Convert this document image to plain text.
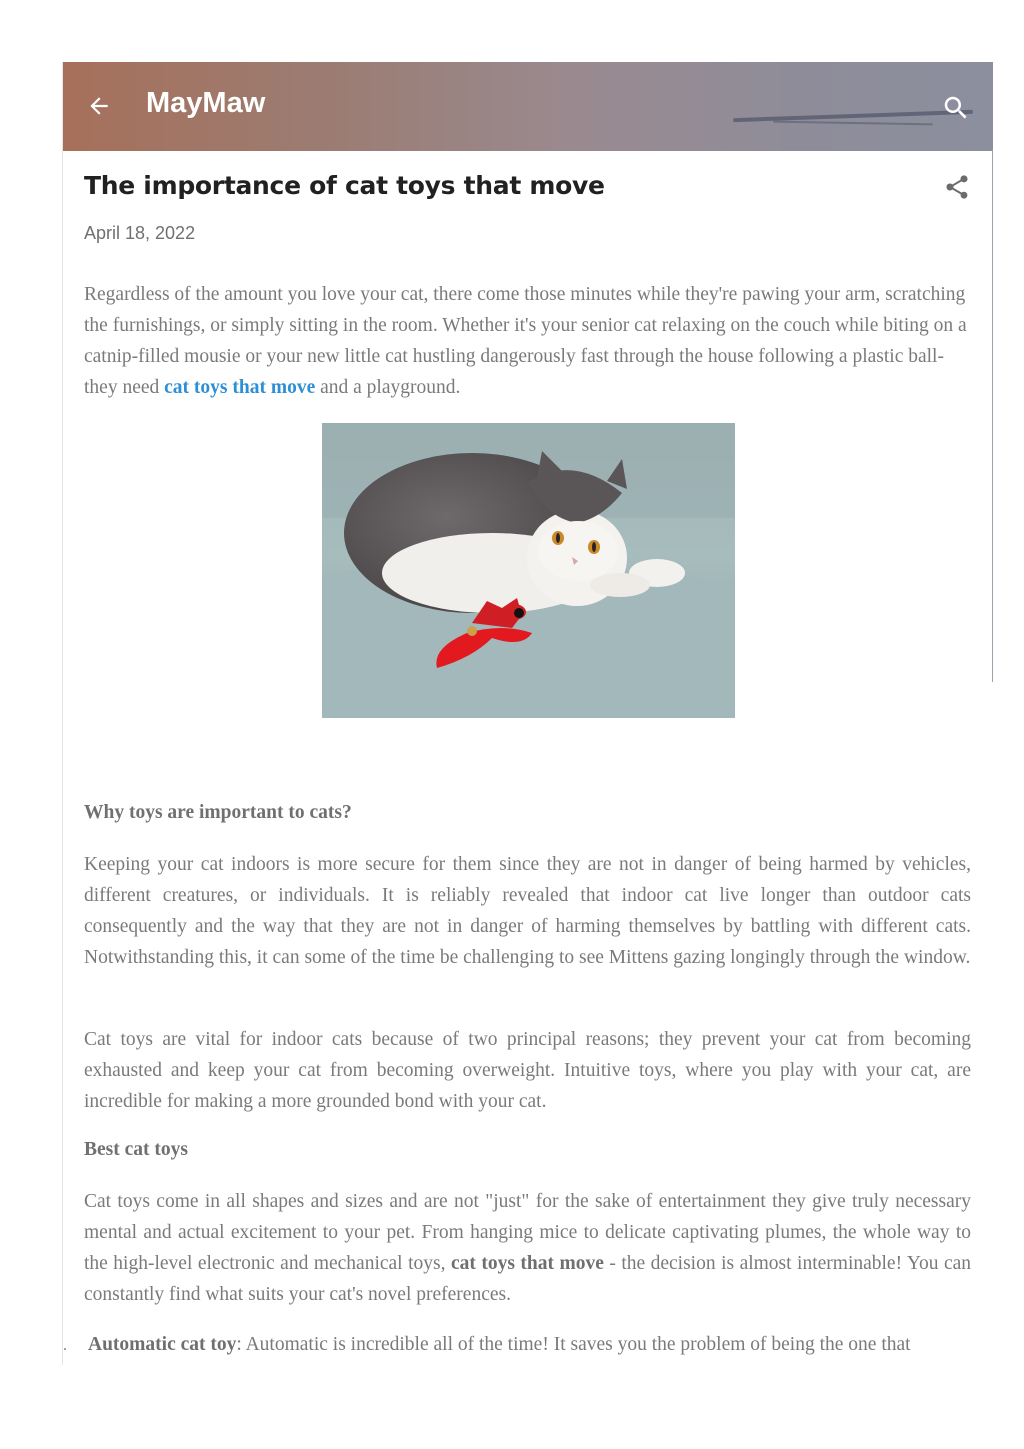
MayMaw
The importance of cat toys that move
April 18, 2022

Regardless of the amount you love your cat, there come those minutes while they're pawing your arm, scratching the furnishings, or simply sitting in the room. Whether it's your senior cat relaxing on the couch while biting on a catnip-filled mousie or your new little cat hustling dangerously fast through the house following a plastic ball-they need cat toys that move and a playground.

Why toys are important to cats?

Keeping your cat indoors is more secure for them since they are not in danger of being harmed by vehicles, different creatures, or individuals. It is reliably revealed that indoor cat live longer than outdoor cats consequently and the way that they are not in danger of harming themselves by battling with different cats. Notwithstanding this, it can some of the time be challenging to see Mittens gazing longingly through the window.

Cat toys are vital for indoor cats because of two principal reasons; they prevent your cat from becoming exhausted and keep your cat from becoming overweight. Intuitive toys, where you play with your cat, are incredible for making a more grounded bond with your cat.

Best cat toys

Cat toys come in all shapes and sizes and are not "just" for the sake of entertainment they give truly necessary mental and actual excitement to your pet. From hanging mice to delicate captivating plumes, the whole way to the high-level electronic and mechanical toys, cat toys that move - the decision is almost interminable! You can constantly find what suits your cat's novel preferences.

. Automatic cat toy: Automatic is incredible all of the time! It saves you the problem of being the one that
